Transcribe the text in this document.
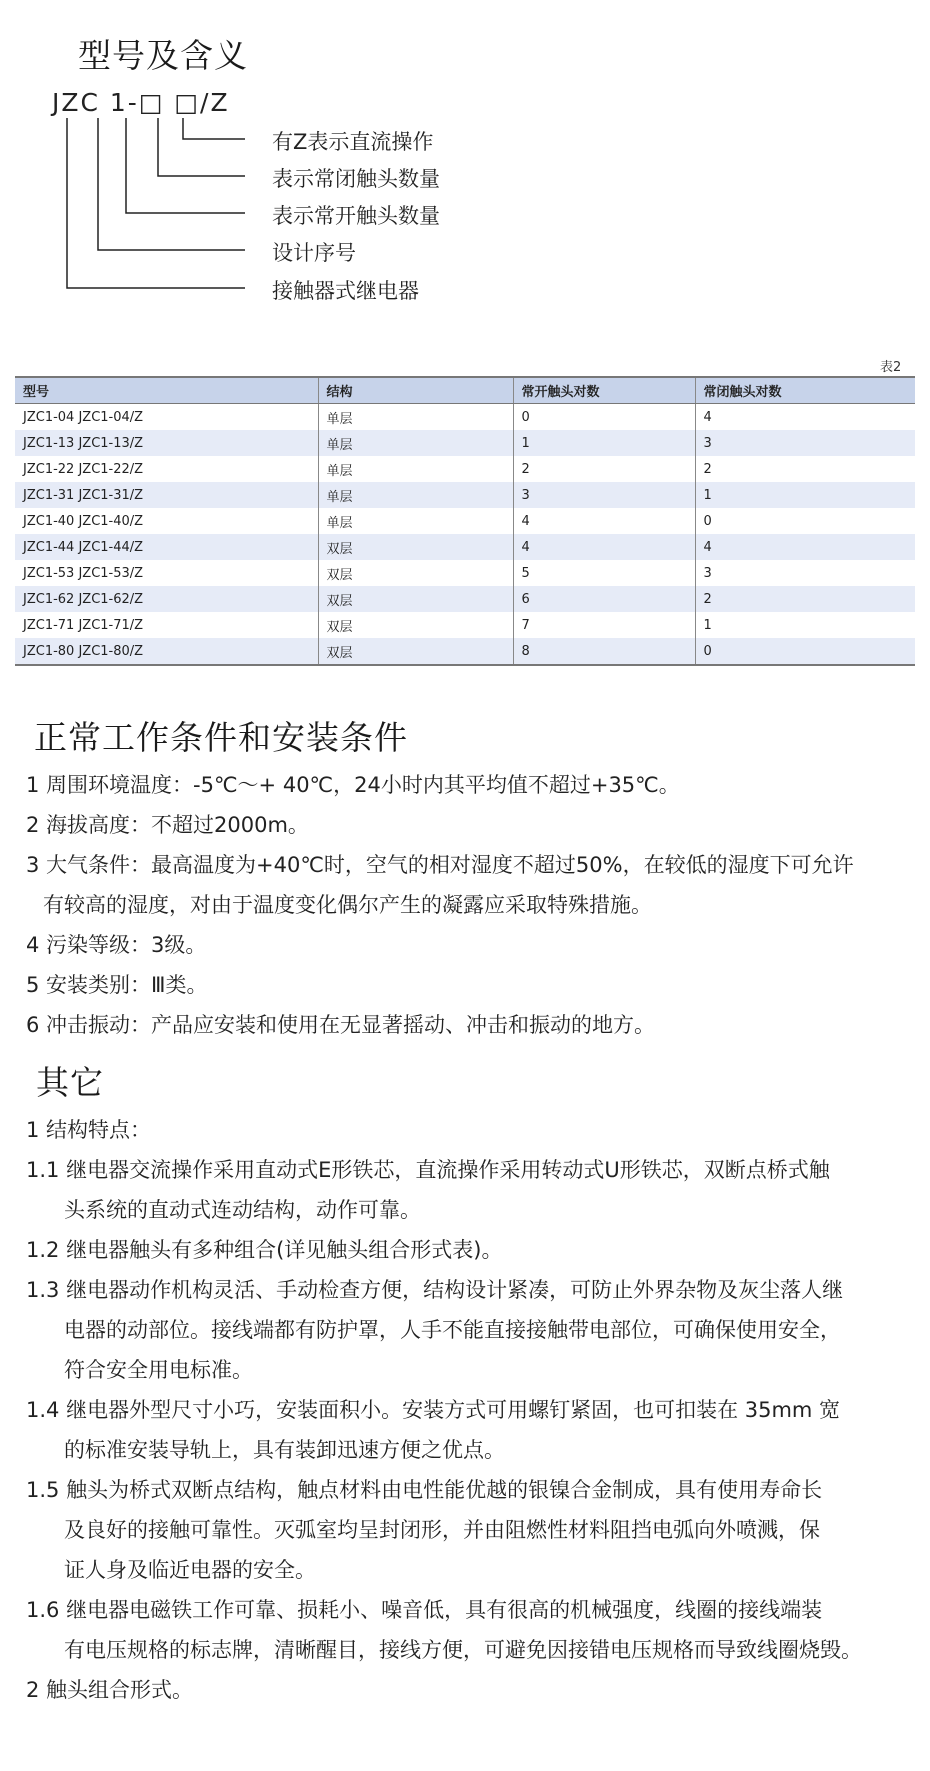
型号及含义
JZC 1-□ □/Z
有Z表示直流操作
表示常闭触头数量
表示常开触头数量
设计序号
接触器式继电器
表2
型号	结构	常开触头对数	常闭触头对数
JZC1-04 JZC1-04/Z	单层	0	4
JZC1-13 JZC1-13/Z	单层	1	3
JZC1-22 JZC1-22/Z	单层	2	2
JZC1-31 JZC1-31/Z	单层	3	1
JZC1-40 JZC1-40/Z	单层	4	0
JZC1-44 JZC1-44/Z	双层	4	4
JZC1-53 JZC1-53/Z	双层	5	3
JZC1-62 JZC1-62/Z	双层	6	2
JZC1-71 JZC1-71/Z	双层	7	1
JZC1-80 JZC1-80/Z	双层	8	0
正常工作条件和安装条件
1 周围环境温度：-5℃～+ 40℃，24小时内其平均值不超过+35℃。
2 海拔高度：不超过2000m。
3 大气条件：最高温度为+40℃时，空气的相对湿度不超过50%，在较低的湿度下可允许
有较高的湿度，对由于温度变化偶尔产生的凝露应采取特殊措施。
4 污染等级：3级。
5 安装类别：Ⅲ类。
6 冲击振动：产品应安装和使用在无显著摇动、冲击和振动的地方。
其它
1 结构特点：
1.1 继电器交流操作采用直动式E形铁芯，直流操作采用转动式U形铁芯，双断点桥式触
头系统的直动式连动结构，动作可靠。
1.2 继电器触头有多种组合(详见触头组合形式表)。
1.3 继电器动作机构灵活、手动检查方便，结构设计紧凑，可防止外界杂物及灰尘落人继
电器的动部位。接线端都有防护罩，人手不能直接接触带电部位，可确保使用安全，
符合安全用电标准。
1.4 继电器外型尺寸小巧，安装面积小。安装方式可用螺钉紧固，也可扣装在 35mm 宽
的标准安装导轨上，具有装卸迅速方便之优点。
1.5 触头为桥式双断点结构，触点材料由电性能优越的银镍合金制成，具有使用寿命长
及良好的接触可靠性。灭弧室均呈封闭形，并由阻燃性材料阻挡电弧向外喷溅，保
证人身及临近电器的安全。
1.6 继电器电磁铁工作可靠、损耗小、噪音低，具有很高的机械强度，线圈的接线端装
有电压规格的标志牌，清晰醒目，接线方便，可避免因接错电压规格而导致线圈烧毁。
2 触头组合形式。
